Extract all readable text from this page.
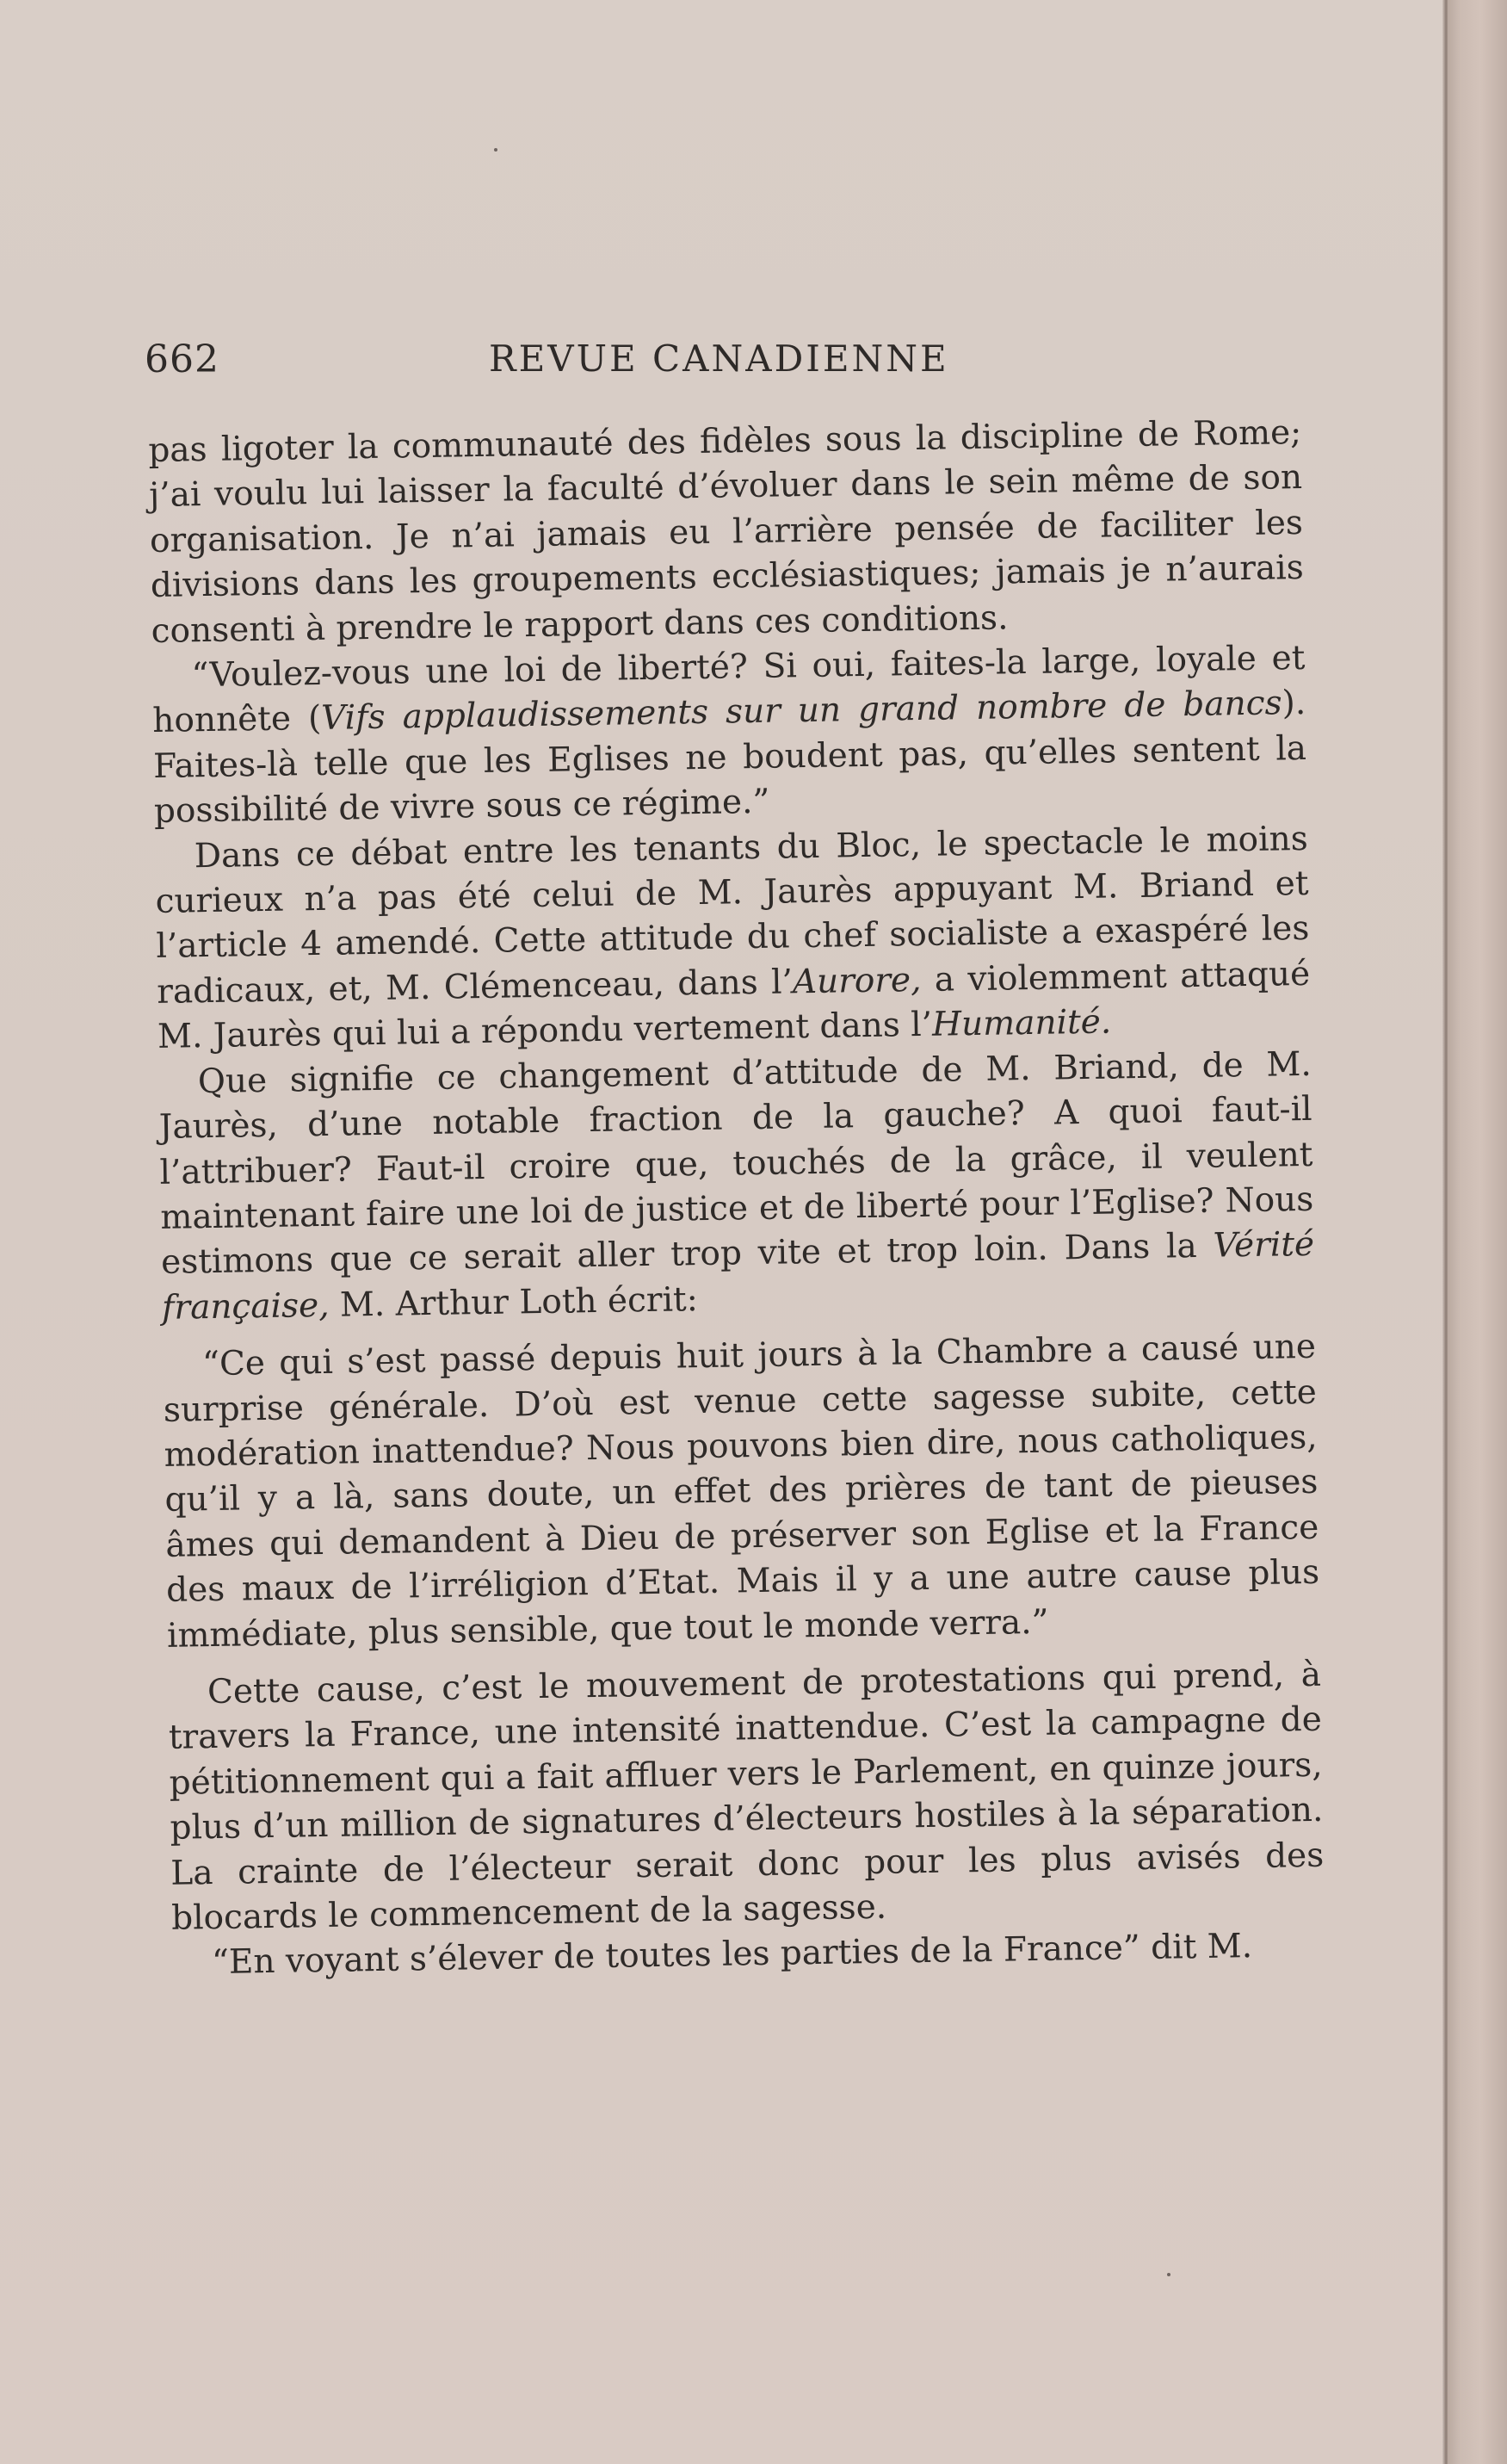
662	REVUE CANADIENNE

pas ligoter la communauté des fidèles sous la discipline de Rome; j’ai voulu lui laisser la faculté d’évoluer dans le sein même de son organisation. Je n’ai jamais eu l’arrière pensée de faciliter les divisions dans les groupements ecclésiastiques; jamais je n’aurais consenti à prendre le rapport dans ces conditions.

“Voulez-vous une loi de liberté? Si oui, faites-la large, loyale et honnête (Vifs applaudissements sur un grand nombre de bancs). Faites-là telle que les Eglises ne boudent pas, qu’elles sentent la possibilité de vivre sous ce régime.”

Dans ce débat entre les tenants du Bloc, le spectacle le moins curieux n’a pas été celui de M. Jaurès appuyant M. Briand et l’article 4 amendé. Cette attitude du chef socialiste a exaspéré les radicaux, et, M. Clémenceau, dans l’Aurore, a violemment attaqué M. Jaurès qui lui a répondu vertement dans l’Humanité.

Que signifie ce changement d’attitude de M. Briand, de M. Jaurès, d’une notable fraction de la gauche? A quoi faut-il l’attribuer? Faut-il croire que, touchés de la grâce, il veulent maintenant faire une loi de justice et de liberté pour l’Eglise? Nous estimons que ce serait aller trop vite et trop loin. Dans la Vérité française, M. Arthur Loth écrit:

“Ce qui s’est passé depuis huit jours à la Chambre a causé une surprise générale. D’où est venue cette sagesse subite, cette modération inattendue? Nous pouvons bien dire, nous catholiques, qu’il y a là, sans doute, un effet des prières de tant de pieuses âmes qui demandent à Dieu de préserver son Eglise et la France des maux de l’irréligion d’Etat. Mais il y a une autre cause plus immédiate, plus sensible, que tout le monde verra.”

Cette cause, c’est le mouvement de protestations qui prend, à travers la France, une intensité inattendue. C’est la campagne de pétitionnement qui a fait affluer vers le Parlement, en quinze jours, plus d’un million de signatures d’électeurs hostiles à la séparation. La crainte de l’électeur serait donc pour les plus avisés des blocards le commencement de la sagesse.

“En voyant s’élever de toutes les parties de la France” dit M.
